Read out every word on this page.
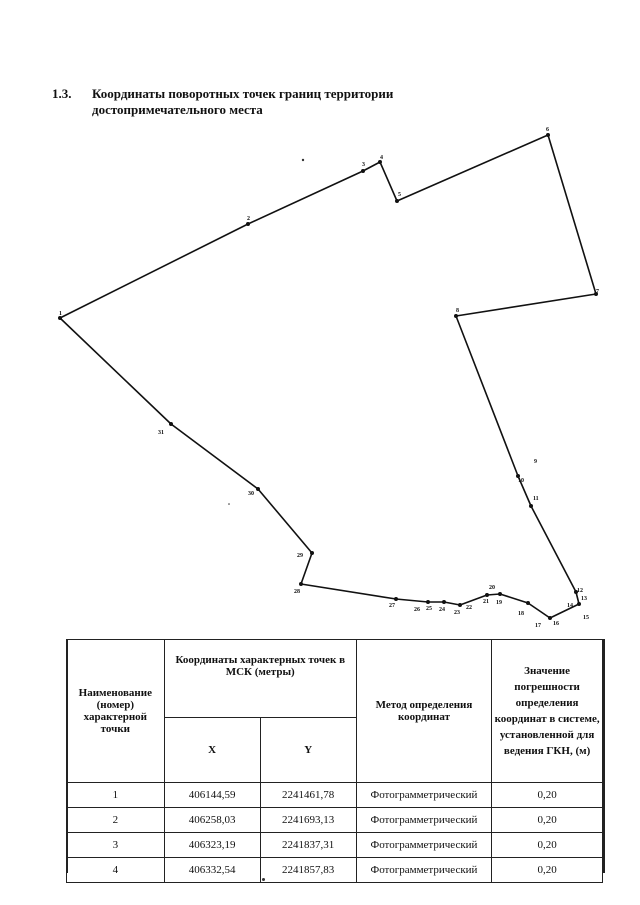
1.3. Координаты поворотных точек границ территории
достопримечательного места
1
2
3
4
5
6
7
8
9
10
11
12
13
14
15
16
17
18
19
20
21
22
23
24
25
26
27
28
29
30
31
Наименование (номер) характерной точки	Координаты характерных точек в МСК (метры)		Метод определения координат	Значение погрешности определения координат в системе, установленной для ведения ГКН, (м)
	X	Y		
1	406144,59	2241461,78	Фотограмметрический	0,20
2	406258,03	2241693,13	Фотограмметрический	0,20
3	406323,19	2241837,31	Фотограмметрический	0,20
4	406332,54	2241857,83	Фотограмметрический	0,20
